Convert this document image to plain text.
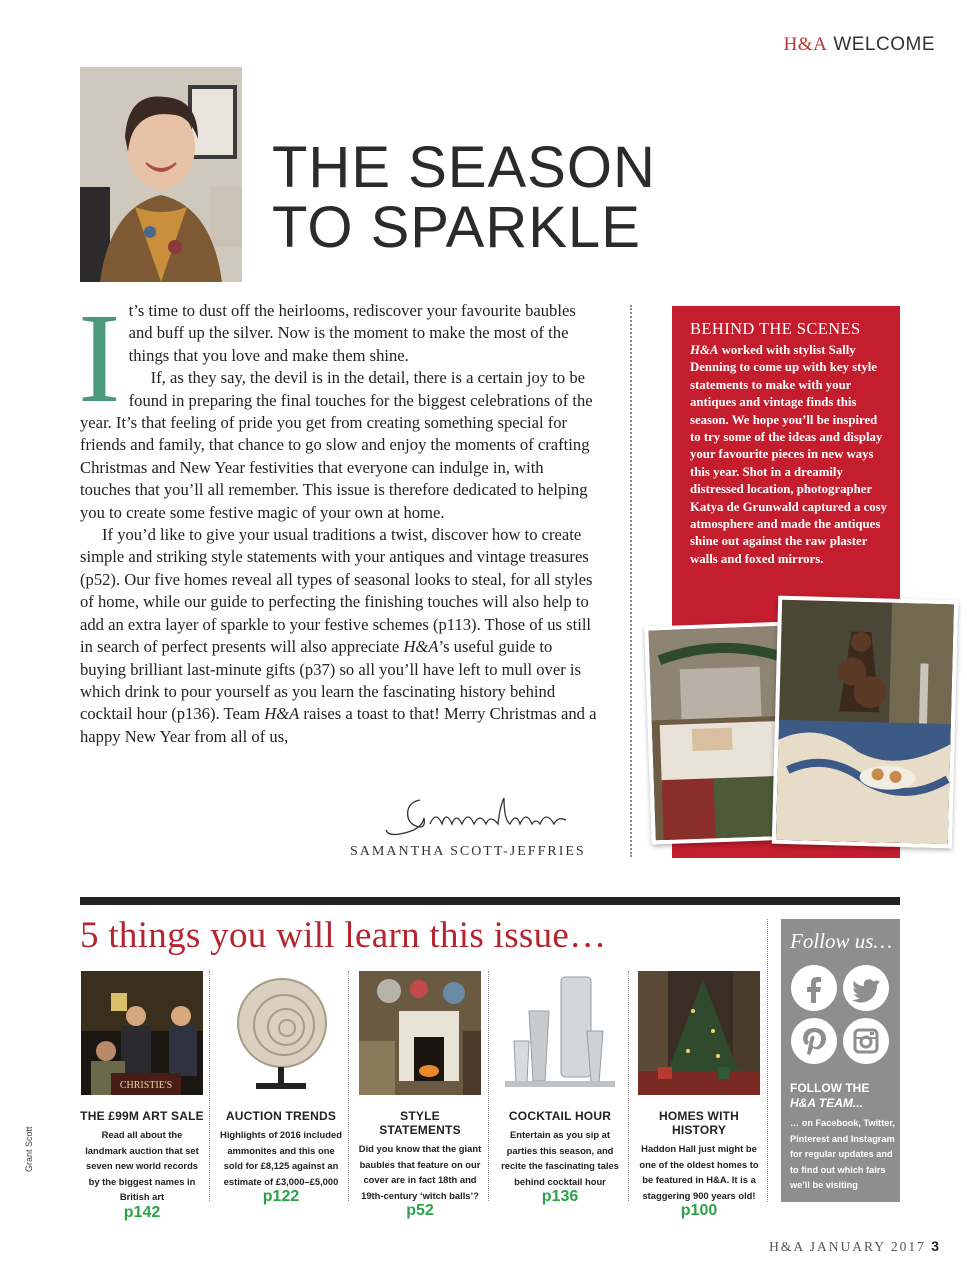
H&A WELCOME
THE SEASON
TO SPARKLE

It’s time to dust off the heirlooms, rediscover your favourite baubles and buff up the silver. Now is the moment to make the most of the things that you love and make them shine.

If, as they say, the devil is in the detail, there is a certain joy to be found in preparing the final touches for the biggest celebrations of the year. It’s that feeling of pride you get from creating something special for friends and family, that chance to go slow and enjoy the moments of crafting Christmas and New Year festivities that everyone can indulge in, with touches that you’ll all remember. This issue is therefore dedicated to helping you to create some festive magic of your own at home.

If you’d like to give your usual traditions a twist, discover how to create simple and striking style statements with your antiques and vintage treasures (p52). Our five homes reveal all types of seasonal looks to steal, for all styles of home, while our guide to perfecting the finishing touches will also help to add an extra layer of sparkle to your festive schemes (p113). Those of us still in search of perfect presents will also appreciate H&A’s useful guide to buying brilliant last-minute gifts (p37) so all you’ll have left to mull over is which drink to pour yourself as you learn the fascinating history behind cocktail hour (p136). Team H&A raises a toast to that! Merry Christmas and a happy New Year from all of us,

SAMANTHA SCOTT-JEFFRIES
BEHIND THE SCENES
H&A worked with stylist Sally Denning to come up with key style statements to make with your antiques and vintage finds this season. We hope you’ll be inspired to try some of the ideas and display your favourite pieces in new ways this year. Shot in a dreamily distressed location, photographer Katya de Grunwald captured a cosy atmosphere and made the antiques shine out against the raw plaster walls and foxed mirrors.
5 things you will learn this issue…
CHRISTIE'S
THE £99M ART SALE
Read all about the landmark auction that set seven new world records by the biggest names in British art
p142
AUCTION TRENDS
Highlights of 2016 included ammonites and this one sold for £8,125 against an estimate of £3,000–£5,000
p122
STYLE STATEMENTS
Did you know that the giant baubles that feature on our cover are in fact 18th and 19th-century ‘witch balls’?
p52
COCKTAIL HOUR
Entertain as you sip at parties this season, and recite the fascinating tales behind cocktail hour
p136
HOMES WITH HISTORY
Haddon Hall just might be one of the oldest homes to be featured in H&A. It is a staggering 900 years old!
p100
Follow us…
FOLLOW THE
H&A TEAM...
… on Facebook, Twitter, Pinterest and Instagram for regular updates and to find out which fairs we’ll be visiting
Grant Scott
H&A JANUARY 2017 3
